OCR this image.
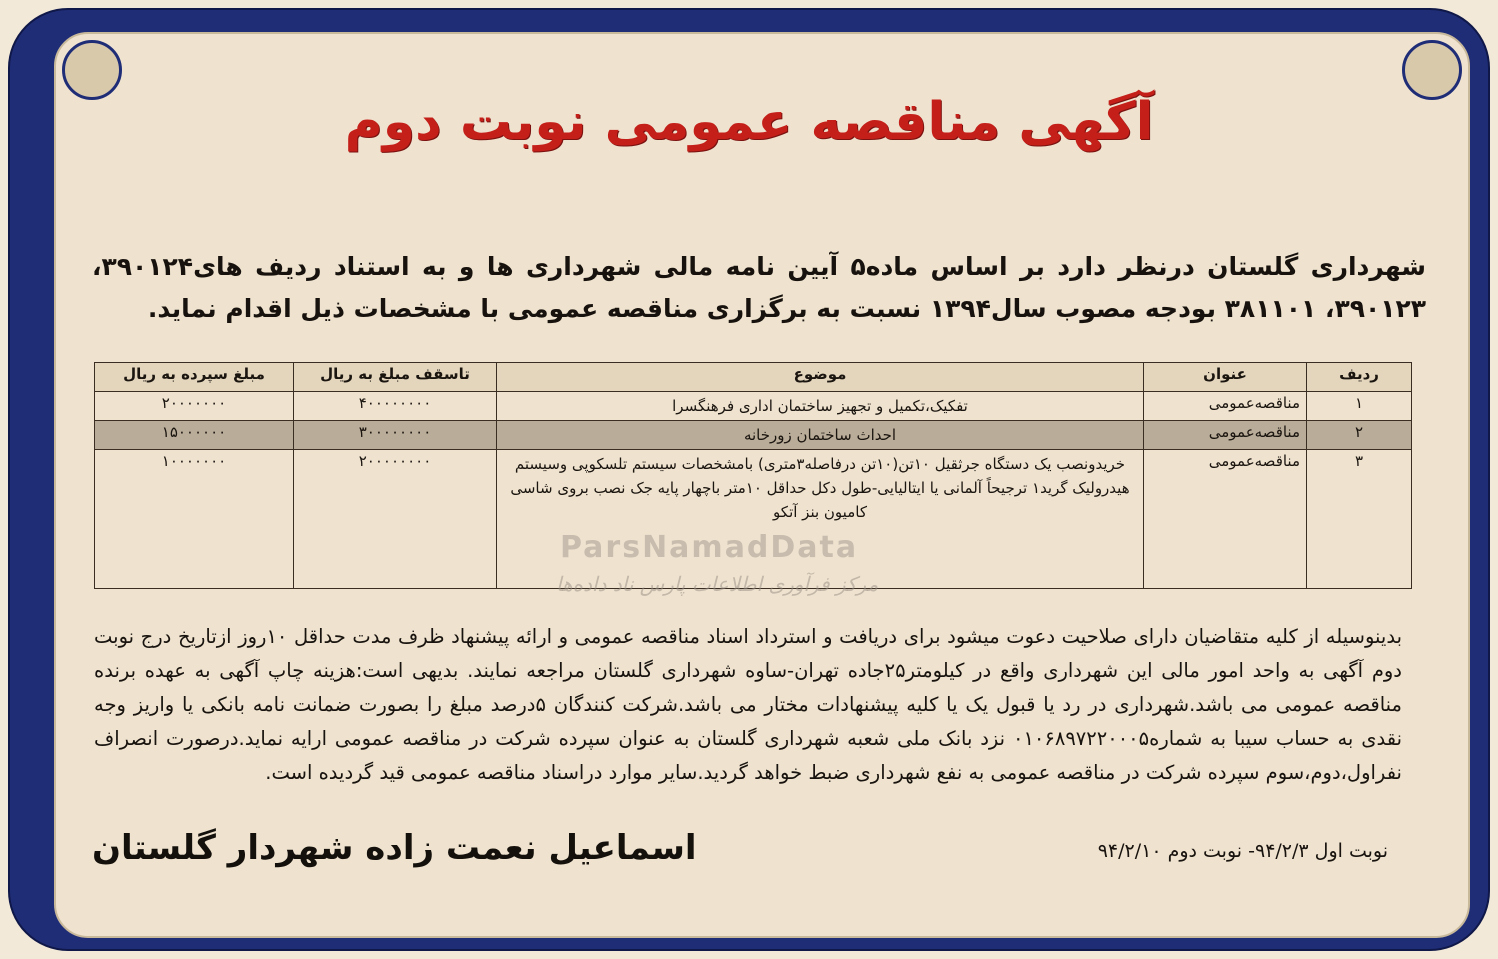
آگهی مناقصه عمومی نوبت دوم
شهرداری گلستان درنظر دارد بر اساس ماده۵ آیین نامه مالی شهرداری ها و به استناد ردیف های۳۹۰۱۲۴، ۳۹۰۱۲۳، ۳۸۱۱۰۱ بودجه مصوب سال۱۳۹۴ نسبت به برگزاری مناقصه عمومی با مشخصات ذیل اقدام نماید.
ردیف	عنوان	موضوع	تاسقف مبلغ به ریال	مبلغ سپرده به ریال
۱	مناقصه‌عمومی	تفکیک،تکمیل و تجهیز ساختمان اداری فرهنگسرا	۴۰۰۰۰۰۰۰۰	۲۰۰۰۰۰۰۰
۲	مناقصه‌عمومی	احداث ساختمان زورخانه	۳۰۰۰۰۰۰۰۰	۱۵۰۰۰۰۰۰
۳	مناقصه‌عمومی	خریدونصب یک دستگاه جرثقیل ۱۰تن(۱۰تن درفاصله۳متری) بامشخصات سیستم تلسکوپی وسیستم هیدرولیک گرید۱ ترجیحاً آلمانی یا ایتالیایی-طول دکل حداقل ۱۰متر باچهار پایه جک نصب بروی شاسی کامیون بنز آتکو	۲۰۰۰۰۰۰۰۰	۱۰۰۰۰۰۰۰
ParsNamadData
مرکز فرآوری اطلاعات پارس ناد داده‌ها
بدینوسیله از کلیه متقاضیان دارای صلاحیت دعوت میشود برای دریافت و استرداد اسناد مناقصه عمومی و ارائه پیشنهاد ظرف مدت حداقل ۱۰روز ازتاریخ درج نوبت دوم آگهی به واحد امور مالی این شهرداری واقع در کیلومتر۲۵جاده تهران-ساوه شهرداری گلستان مراجعه نمایند. بدیهی است:هزینه چاپ آگهی به عهده برنده مناقصه عمومی می باشد.شهرداری در رد یا قبول یک یا کلیه پیشنهادات مختار می باشد.شرکت کنندگان ۵درصد مبلغ را بصورت ضمانت نامه بانکی یا واریز وجه نقدی به حساب سیبا به شماره۰۱۰۶۸۹۷۲۲۰۰۰۵ نزد بانک ملی شعبه شهرداری گلستان به عنوان سپرده شرکت در مناقصه عمومی ارایه نماید.درصورت انصراف نفراول،دوم،سوم سپرده شرکت در مناقصه عمومی به نفع شهرداری ضبط خواهد گردید.سایر موارد دراسناد مناقصه عمومی قید گردیده است.
نوبت اول ۹۴/۲/۳- نوبت دوم ۹۴/۲/۱۰
اسماعیل نعمت زاده شهردار گلستان
